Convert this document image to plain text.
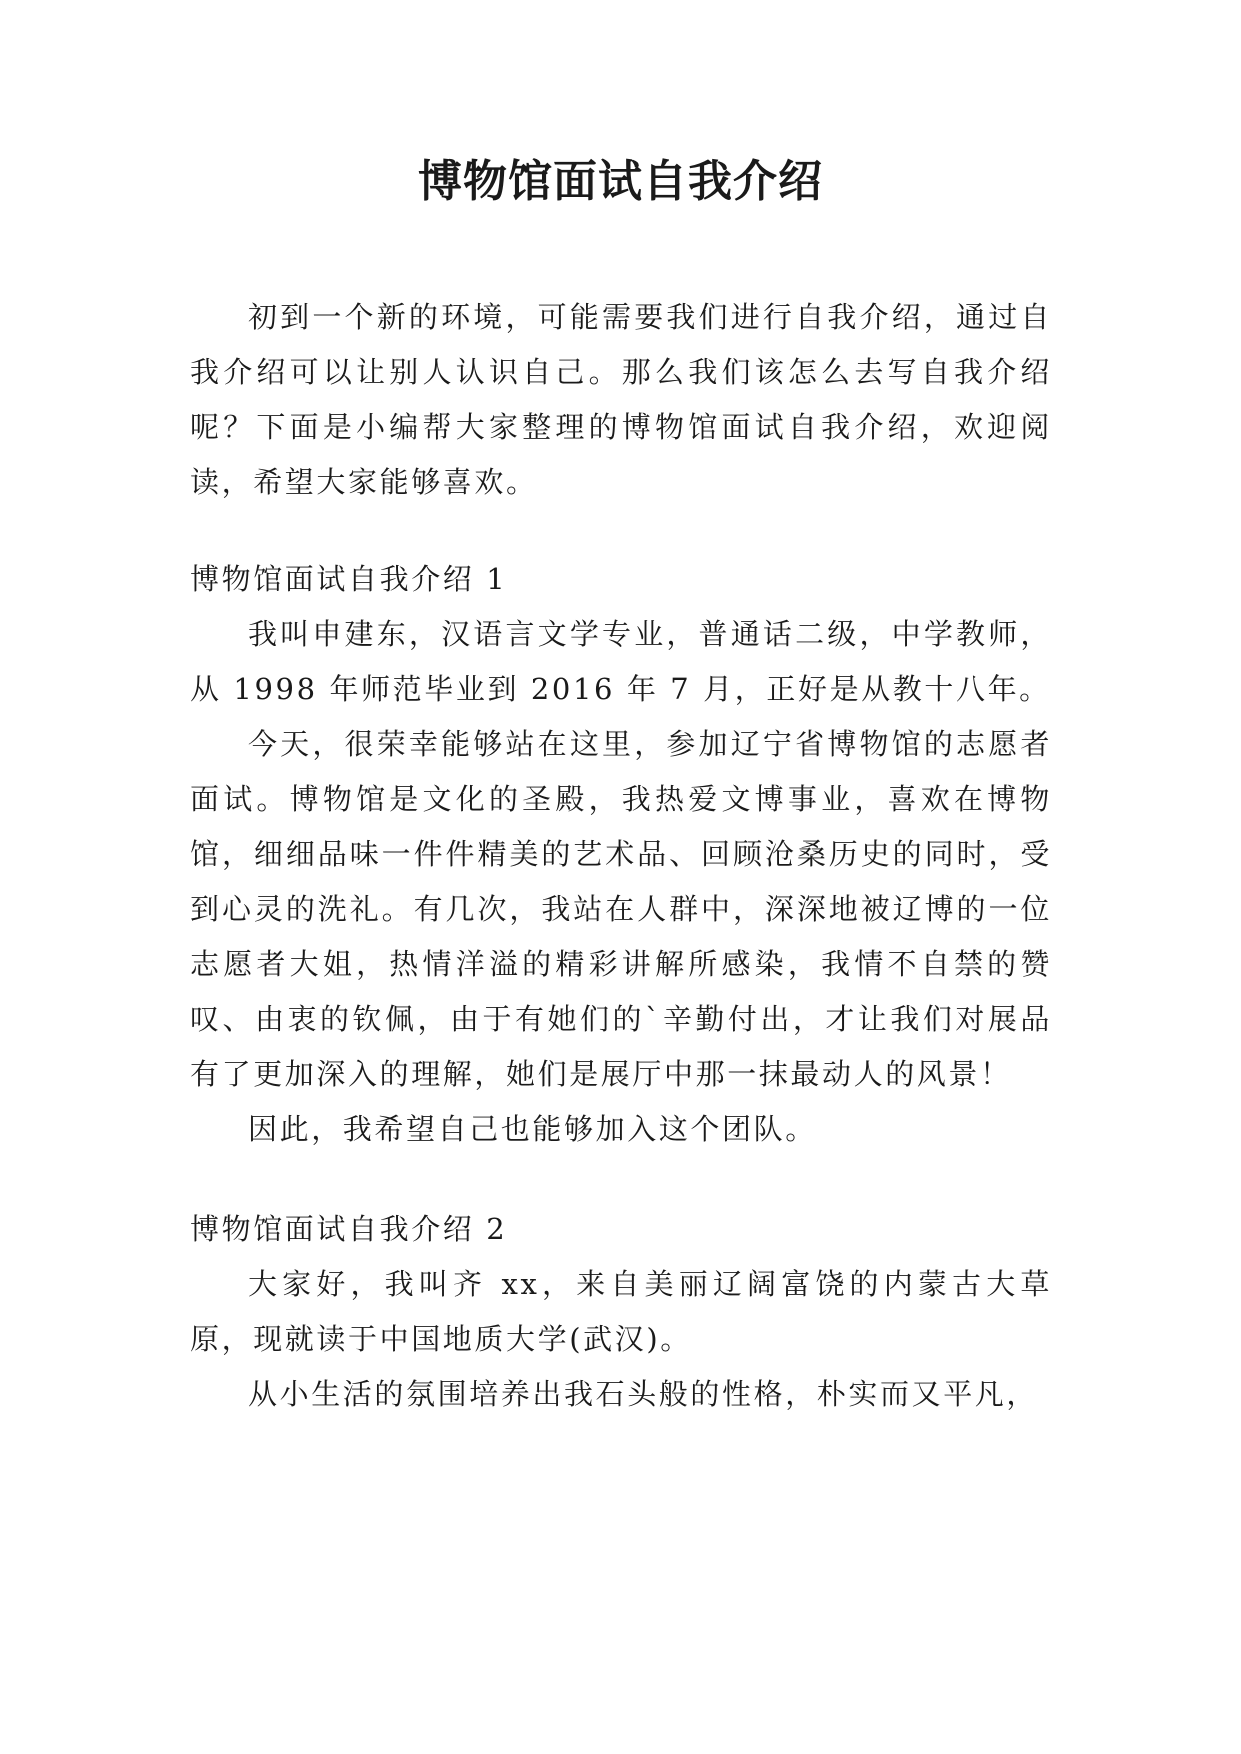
博物馆面试自我介绍

初到一个新的环境，可能需要我们进行自我介绍，通过自我介绍可以让别人认识自己。那么我们该怎么去写自我介绍呢？下面是小编帮大家整理的博物馆面试自我介绍，欢迎阅读，希望大家能够喜欢。

博物馆面试自我介绍 1

我叫申建东，汉语言文学专业，普通话二级，中学教师，从 1998 年师范毕业到 2016 年 7 月，正好是从教十八年。

今天，很荣幸能够站在这里，参加辽宁省博物馆的志愿者面试。博物馆是文化的圣殿，我热爱文博事业，喜欢在博物馆，细细品味一件件精美的艺术品、回顾沧桑历史的同时，受到心灵的洗礼。有几次，我站在人群中，深深地被辽博的一位志愿者大姐，热情洋溢的精彩讲解所感染，我情不自禁的赞叹、由衷的钦佩，由于有她们的`辛勤付出，才让我们对展品有了更加深入的理解，她们是展厅中那一抹最动人的风景！

因此，我希望自己也能够加入这个团队。

博物馆面试自我介绍 2

大家好，我叫齐 xx，来自美丽辽阔富饶的内蒙古大草原，现就读于中国地质大学(武汉)。

从小生活的氛围培养出我石头般的性格，朴实而又平凡，
